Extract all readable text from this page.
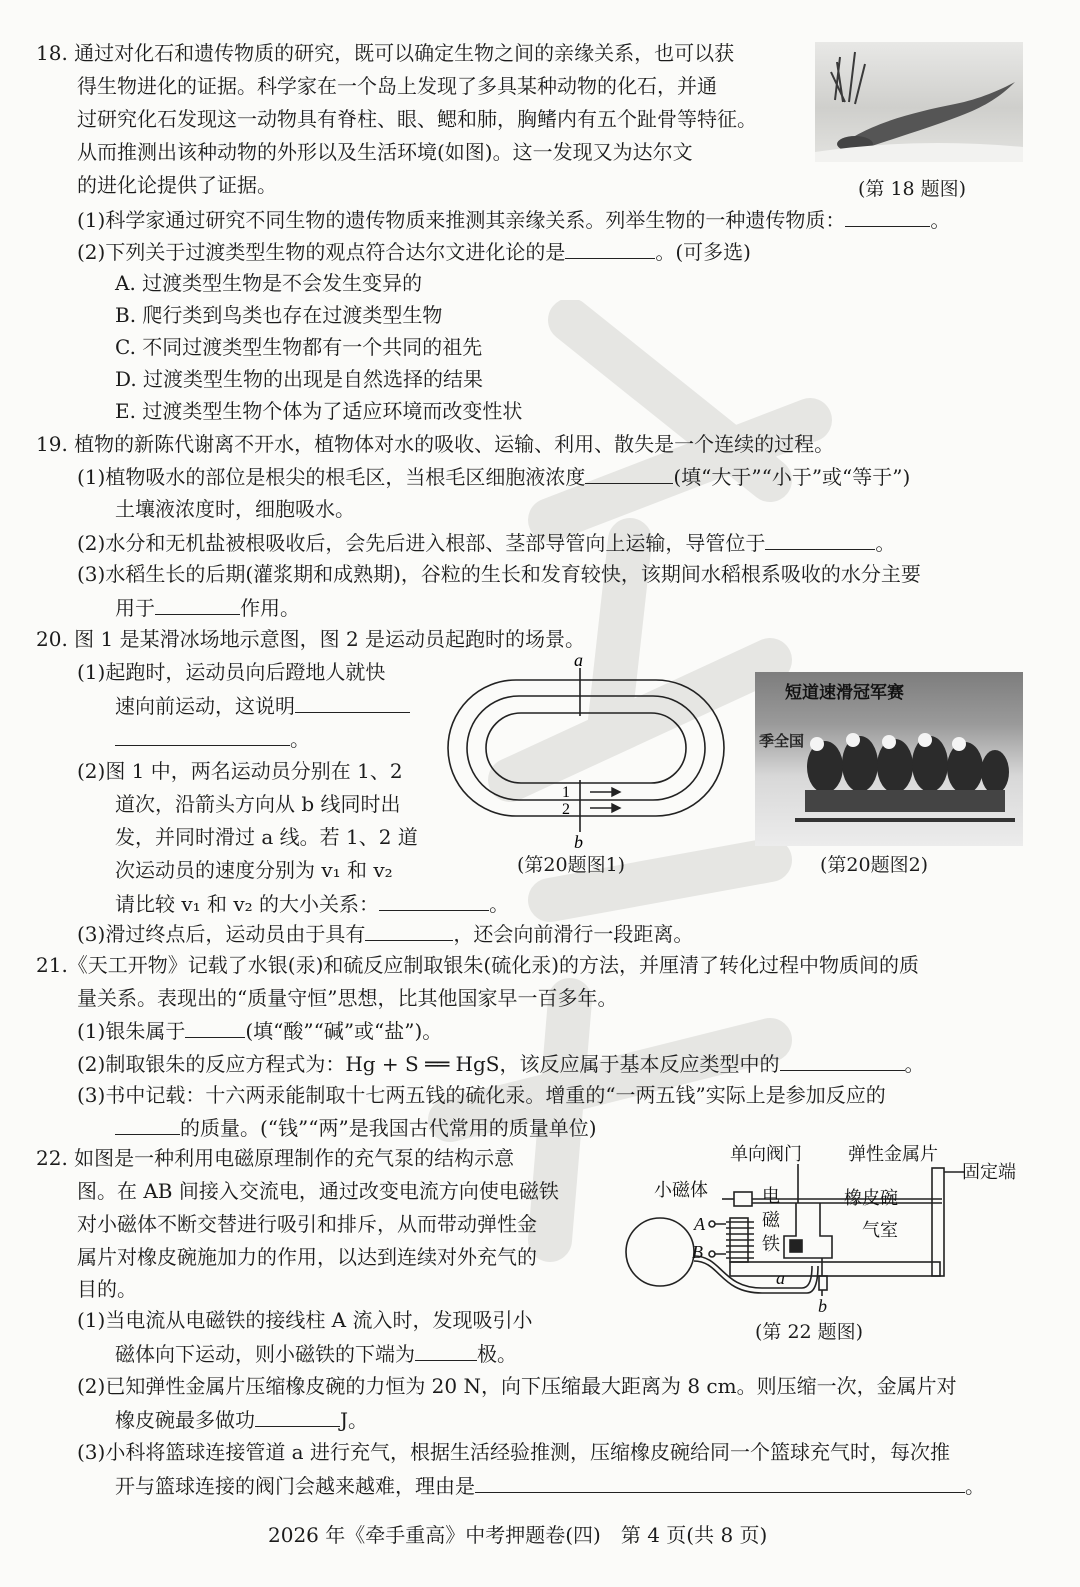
18. 通过对化石和遗传物质的研究，既可以确定生物之间的亲缘关系，也可以获
得生物进化的证据。科学家在一个岛上发现了多具某种动物的化石，并通
过研究化石发现这一动物具有脊柱、眼、鳃和肺，胸鳍内有五个趾骨等特征。
从而推测出该种动物的外形以及生活环境(如图)。这一发现又为达尔文
的进化论提供了证据。	(第 18 题图)
(1)科学家通过研究不同生物的遗传物质来推测其亲缘关系。列举生物的一种遗传物质：	。
(2)下列关于过渡类型生物的观点符合达尔文进化论的是	。(可多选)
A. 过渡类型生物是不会发生变异的
B. 爬行类到鸟类也存在过渡类型生物
C. 不同过渡类型生物都有一个共同的祖先
D. 过渡类型生物的出现是自然选择的结果
E. 过渡类型生物个体为了适应环境而改变性状
19. 植物的新陈代谢离不开水，植物体对水的吸收、运输、利用、散失是一个连续的过程。
(1)植物吸水的部位是根尖的根毛区，当根毛区细胞液浓度	(填“大于”“小于”或“等于”)
土壤液浓度时，细胞吸水。
(2)水分和无机盐被根吸收后，会先后进入根部、茎部导管向上运输，导管位于	。
(3)水稻生长的后期(灌浆期和成熟期)，谷粒的生长和发育较快，该期间水稻根系吸收的水分主要
用于	作用。
20. 图 1 是某滑冰场地示意图，图 2 是运动员起跑时的场景。
(1)起跑时，运动员向后蹬地人就快
速向前运动，这说明
。
(2)图 1 中，两名运动员分别在 1、2
道次，沿箭头方向从 b 线同时出
发，并同时滑过 a 线。若 1、2 道
次运动员的速度分别为 v₁ 和 v₂
请比较 v₁ 和 v₂ 的大小关系：	。
(3)滑过终点后，运动员由于具有	，还会向前滑行一段距离。
a
b
1
2
(第20题图1)
短道速滑冠军赛
季全国
(第20题图2)
21.《天工开物》记载了水银(汞)和硫反应制取银朱(硫化汞)的方法，并厘清了转化过程中物质间的质
量关系。表现出的“质量守恒”思想，比其他国家早一百多年。
(1)银朱属于	(填“酸”“碱”或“盐”)。
(2)制取银朱的反应方程式为：Hg + S ══ HgS，该反应属于基本反应类型中的	。
(3)书中记载：十六两汞能制取十七两五钱的硫化汞。增重的“一两五钱”实际上是参加反应的
的质量。(“钱”“两”是我国古代常用的质量单位)
22. 如图是一种利用电磁原理制作的充气泵的结构示意
图。在 AB 间接入交流电，通过改变电流方向使电磁铁
对小磁体不断交替进行吸引和排斥，从而带动弹性金
属片对橡皮碗施加力的作用，以达到连续对外充气的
目的。
(1)当电流从电磁铁的接线柱 A 流入时，发现吸引小
磁体向下运动，则小磁铁的下端为	极。
(2)已知弹性金属片压缩橡皮碗的力恒为 20 N，向下压缩最大距离为 8 cm。则压缩一次，金属片对
橡皮碗最多做功	J。
(3)小科将篮球连接管道 a 进行充气，根据生活经验推测，压缩橡皮碗给同一个篮球充气时，每次推
开与篮球连接的阀门会越来越难，理由是	。
单向阀门	弹性金属片
固定端
小磁体	电
磁
铁
橡皮碗
气室
A
B
a
b
(第 22 题图)
2026 年《牵手重高》中考押题卷(四)　第 4 页(共 8 页)
